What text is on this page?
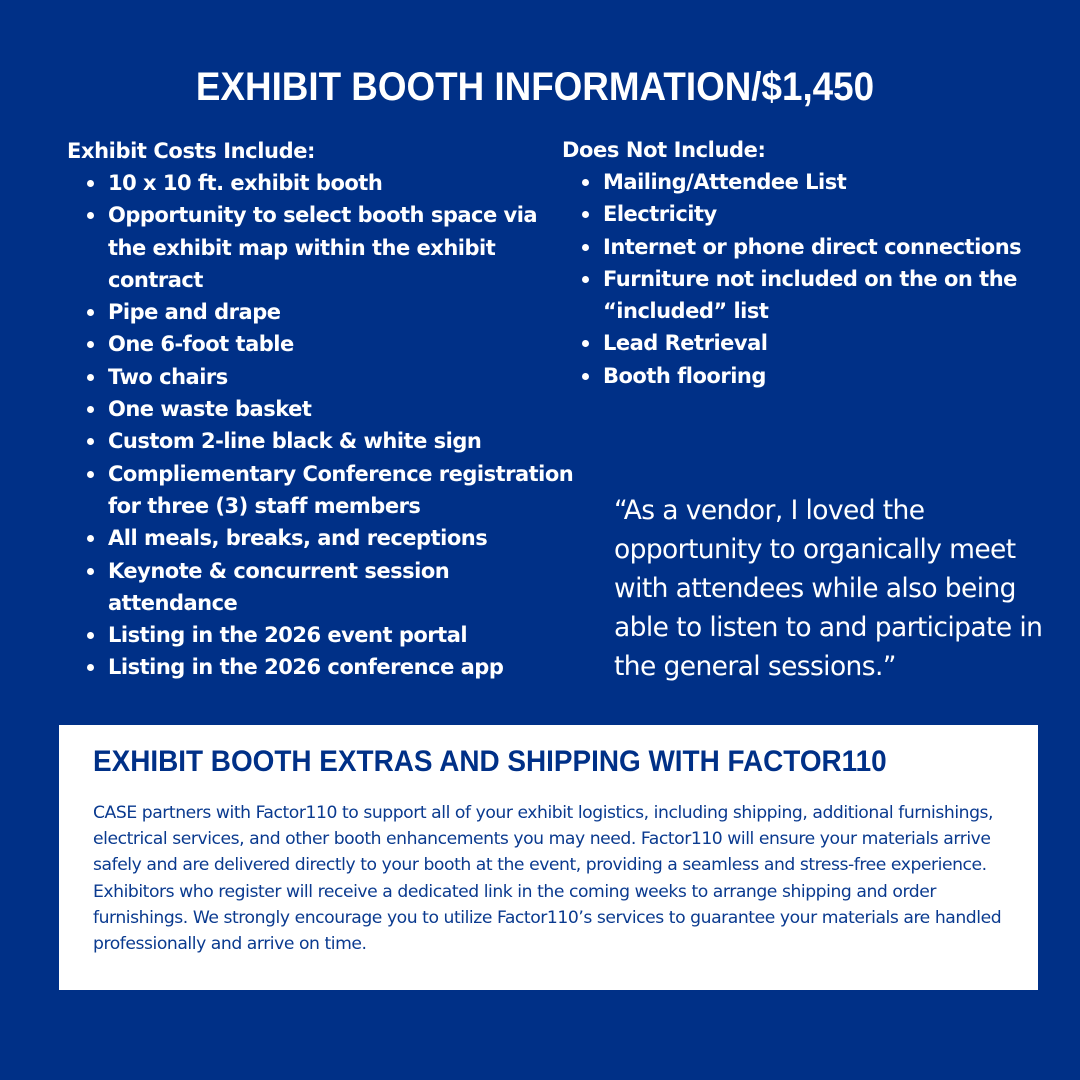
EXHIBIT BOOTH INFORMATION/$1,450
Exhibit Costs Include:
10 x 10 ft. exhibit booth
Opportunity to select booth space via the exhibit map within the exhibit contract
Pipe and drape
One 6-foot table
Two chairs
One waste basket
Custom 2-line black & white sign
Compliementary Conference registration for three (3) staff members
All meals, breaks, and receptions
Keynote & concurrent session attendance
Listing in the 2026 event portal
Listing in the 2026 conference app
Does Not Include:
Mailing/Attendee List
Electricity
Internet or phone direct connections
Furniture not included on the on the “included” list
Lead Retrieval
Booth flooring
“As a vendor, I loved the opportunity to organically meet with attendees while also being able to listen to and participate in the general sessions.”
EXHIBIT BOOTH EXTRAS AND SHIPPING WITH FACTOR110

CASE partners with Factor110 to support all of your exhibit logistics, including shipping, additional furnishings, electrical services, and other booth enhancements you may need. Factor110 will ensure your materials arrive safely and are delivered directly to your booth at the event, providing a seamless and stress-free experience. Exhibitors who register will receive a dedicated link in the coming weeks to arrange shipping and order furnishings. We strongly encourage you to utilize Factor110’s services to guarantee your materials are handled professionally and arrive on time.
